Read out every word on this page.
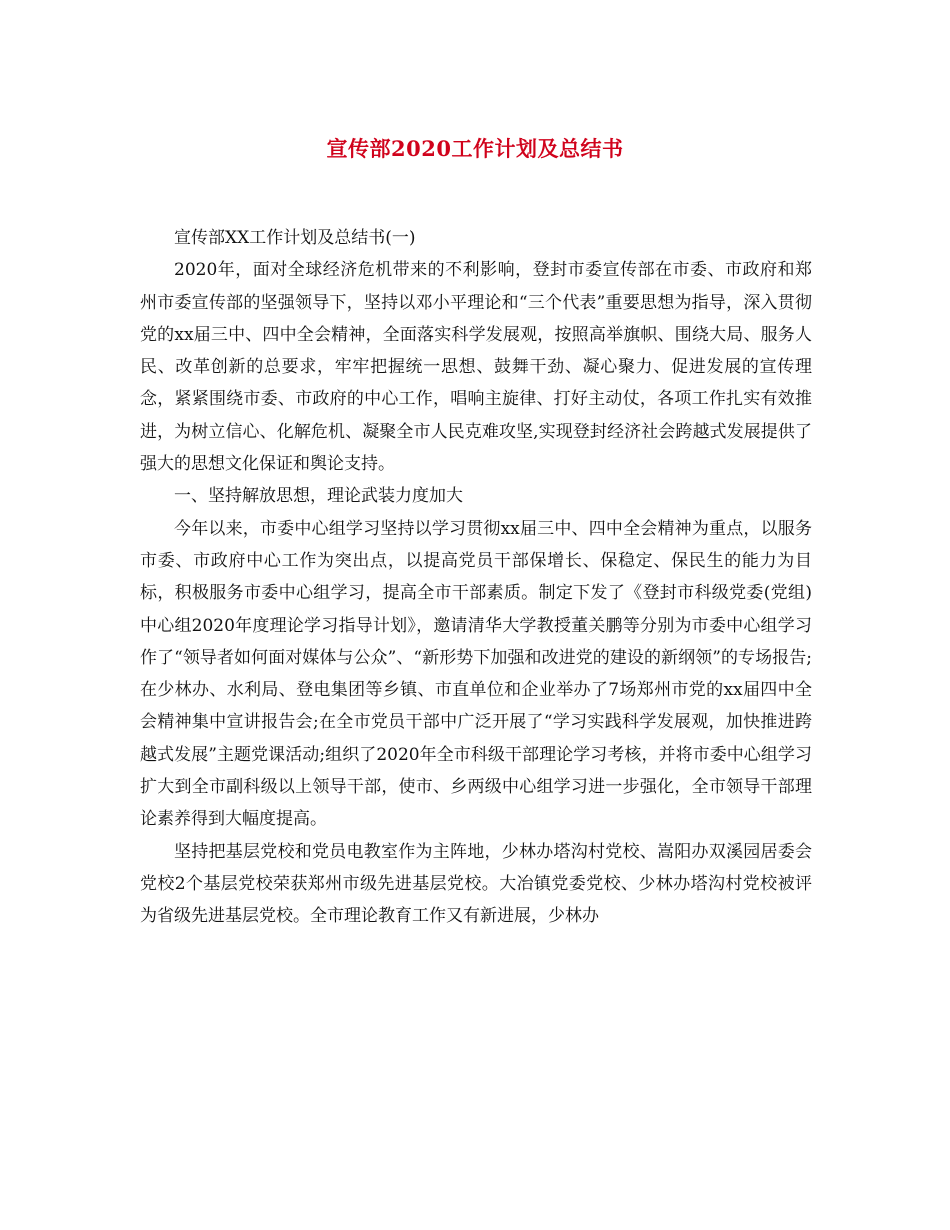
宣传部2020工作计划及总结书

宣传部XX工作计划及总结书(一)

2020年，面对全球经济危机带来的不利影响，登封市委宣传部在市委、市政府和郑州市委宣传部的坚强领导下，坚持以邓小平理论和“三个代表”重要思想为指导，深入贯彻党的xx届三中、四中全会精神，全面落实科学发展观，按照高举旗帜、围绕大局、服务人民、改革创新的总要求，牢牢把握统一思想、鼓舞干劲、凝心聚力、促进发展的宣传理念，紧紧围绕市委、市政府的中心工作，唱响主旋律、打好主动仗，各项工作扎实有效推进，为树立信心、化解危机、凝聚全市人民克难攻坚,实现登封经济社会跨越式发展提供了强大的思想文化保证和舆论支持。

一、坚持解放思想，理论武装力度加大

今年以来，市委中心组学习坚持以学习贯彻xx届三中、四中全会精神为重点，以服务市委、市政府中心工作为突出点，以提高党员干部保增长、保稳定、保民生的能力为目标，积极服务市委中心组学习，提高全市干部素质。制定下发了《登封市科级党委(党组)中心组2020年度理论学习指导计划》，邀请清华大学教授董关鹏等分别为市委中心组学习作了“领导者如何面对媒体与公众”、“新形势下加强和改进党的建设的新纲领”的专场报告;在少林办、水利局、登电集团等乡镇、市直单位和企业举办了7场郑州市党的xx届四中全会精神集中宣讲报告会;在全市党员干部中广泛开展了“学习实践科学发展观，加快推进跨越式发展”主题党课活动;组织了2020年全市科级干部理论学习考核，并将市委中心组学习扩大到全市副科级以上领导干部，使市、乡两级中心组学习进一步强化，全市领导干部理论素养得到大幅度提高。

坚持把基层党校和党员电教室作为主阵地，少林办塔沟村党校、嵩阳办双溪园居委会党校2个基层党校荣获郑州市级先进基层党校。大冶镇党委党校、少林办塔沟村党校被评为省级先进基层党校。全市理论教育工作又有新进展，少林办
